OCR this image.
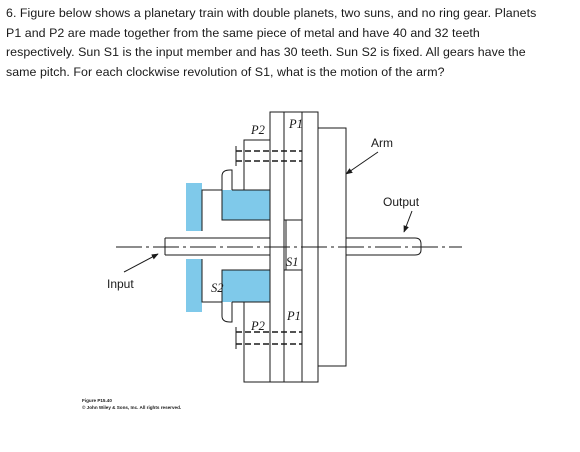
6. Figure below shows a planetary train with double planets, two suns, and no ring gear. Planets
P1 and P2 are made together from the same piece of metal and have 40 and 32 teeth
respectively. Sun S1 is the input member and has 30 teeth. Sun S2 is fixed. All gears have the
same pitch. For each clockwise revolution of S1, what is the motion of the arm?
P2 P1
Arm
Output
S1
Input	S2
P2
P1
Figure P15.40
© John Wiley & Sons, Inc. All rights reserved.
